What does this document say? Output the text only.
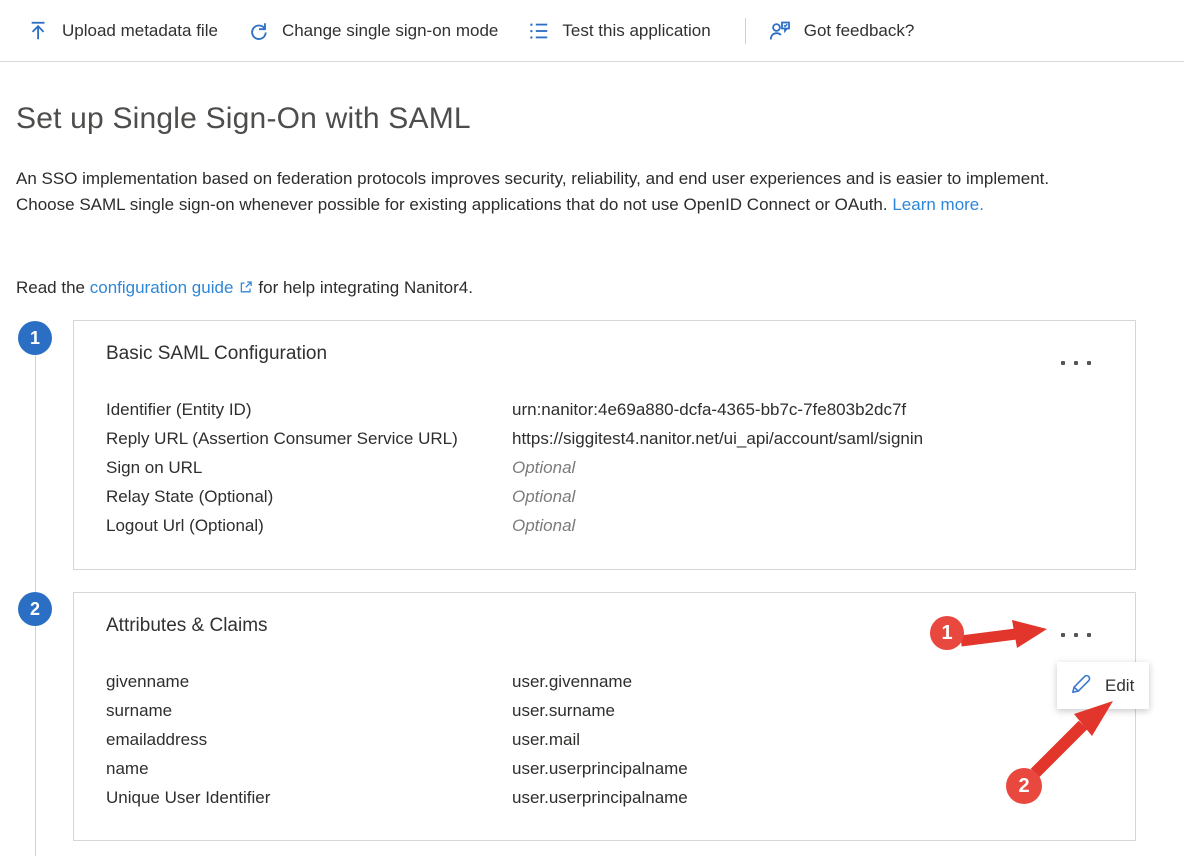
Upload metadata file	Change single sign-on mode	Test this application	Got feedback?
Set up Single Sign-On with SAML
An SSO implementation based on federation protocols improves security, reliability, and end user experiences and is easier to implement. Choose SAML single sign-on whenever possible for existing applications that do not use OpenID Connect or OAuth. Learn more.
Read the configuration guide for help integrating Nanitor4.
1
2
Basic SAML Configuration
Identifier (Entity ID)	urn:nanitor:4e69a880-dcfa-4365-bb7c-7fe803b2dc7f
Reply URL (Assertion Consumer Service URL)	https://siggitest4.nanitor.net/ui_api/account/saml/signin
Sign on URL	Optional
Relay State (Optional)	Optional
Logout Url (Optional)	Optional
Attributes & Claims
givenname	user.givenname
surname	user.surname
emailaddress	user.mail
name	user.userprincipalname
Unique User Identifier	user.userprincipalname
Edit
1
2
